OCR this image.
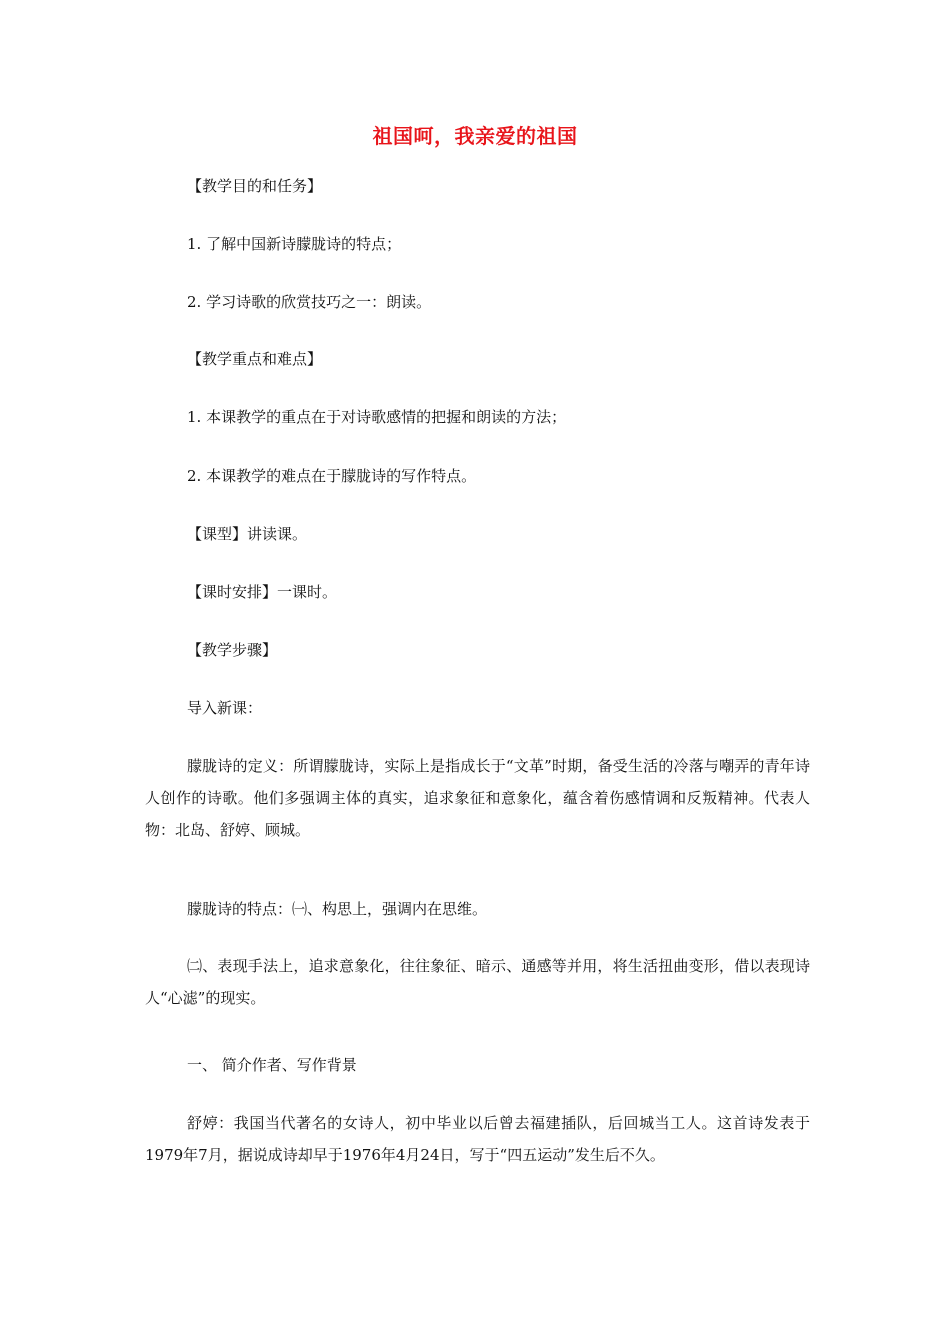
祖国呵，我亲爱的祖国
【教学目的和任务】
1. 了解中国新诗朦胧诗的特点；
2. 学习诗歌的欣赏技巧之一：朗读。
【教学重点和难点】
1. 本课教学的重点在于对诗歌感情的把握和朗读的方法；
2. 本课教学的难点在于朦胧诗的写作特点。
【课型】讲读课。
【课时安排】一课时。
【教学步骤】
导入新课：
朦胧诗的定义：所谓朦胧诗，实际上是指成长于“文革”时期，备受生活的冷落与嘲弄的青年诗人创作的诗歌。他们多强调主体的真实，追求象征和意象化，蕴含着伤感情调和反叛精神。代表人物：北岛、舒婷、顾城。
朦胧诗的特点：㈠、构思上，强调内在思维。
㈡、表现手法上，追求意象化，往往象征、暗示、通感等并用，将生活扭曲变形，借以表现诗人“心滤”的现实。
一、 简介作者、写作背景
舒婷：我国当代著名的女诗人，初中毕业以后曾去福建插队，后回城当工人。这首诗发表于1979年7月，据说成诗却早于1976年4月24日，写于“四五运动”发生后不久。
